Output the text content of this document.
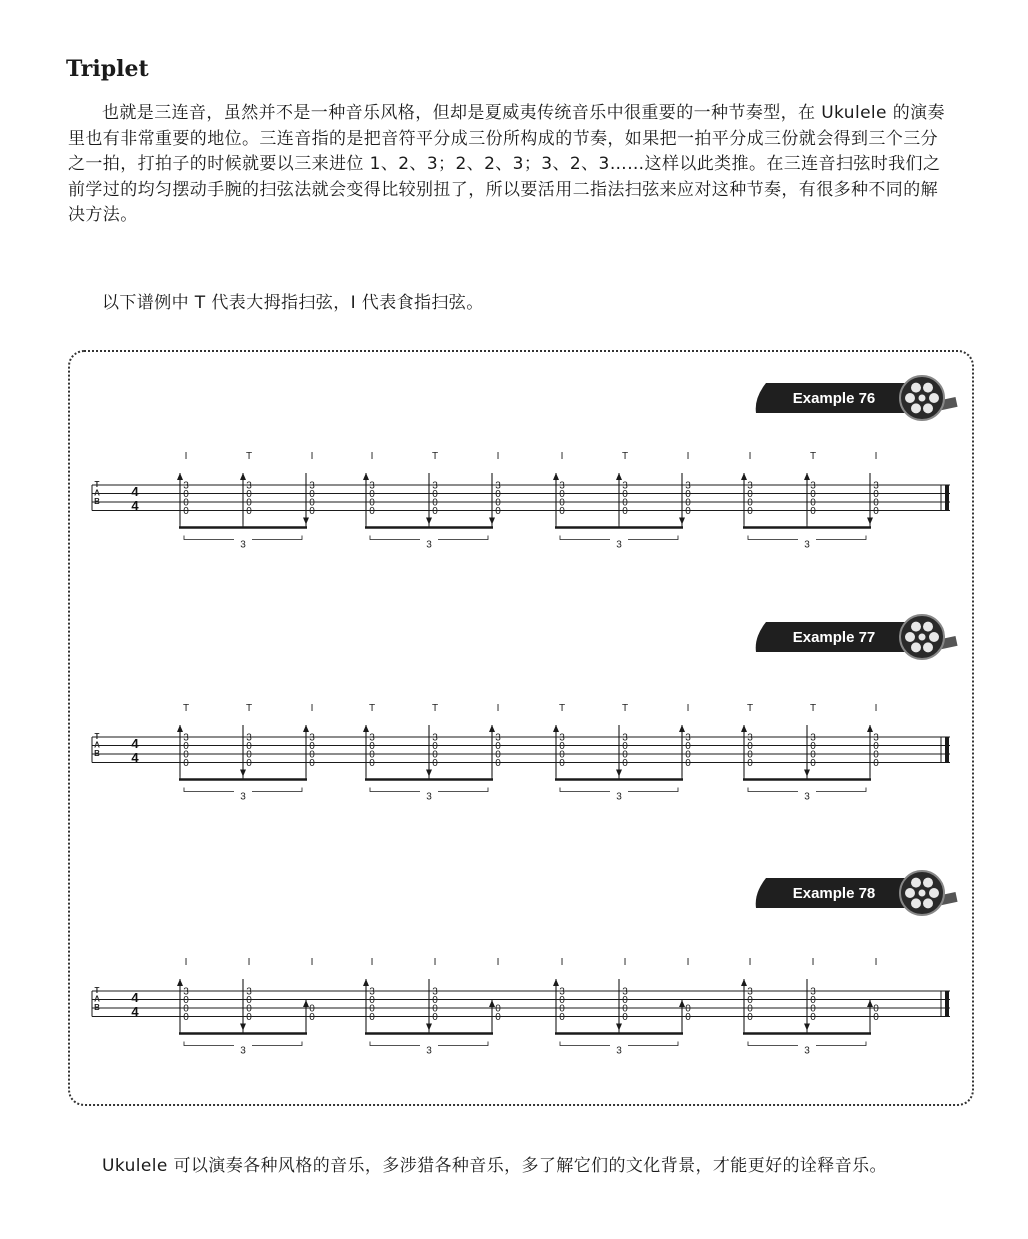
Triplet

也就是三连音，虽然并不是一种音乐风格，但却是夏威夷传统音乐中很重要的一种节奏型，在 Ukulele 的演奏里也有非常重要的地位。三连音指的是把音符平分成三份所构成的节奏，如果把一拍平分成三份就会得到三个三分之一拍，打拍子的时候就要以三来进位 1、2、3；2、2、3；3、2、3……这样以此类推。在三连音扫弦时我们之前学过的均匀摆动手腕的扫弦法就会变得比较别扭了，所以要活用二指法扫弦来应对这种节奏，有很多种不同的解决方法。

以下谱例中 T 代表大拇指扫弦，I 代表食指扫弦。

Example 76
T
A
B
4
4
I
3
0
0
0
T
3
0
0
0
I
3
0
0
0
3
I
3
0
0
0
T
3
0
0
0
I
3
0
0
0
3
I
3
0
0
0
T
3
0
0
0
I
3
0
0
0
3
I
3
0
0
0
T
3
0
0
0
I
3
0
0
0
3
Example 77
T
A
B
4
4
T
3
0
0
0
T
3
0
0
0
I
3
0
0
0
3
T
3
0
0
0
T
3
0
0
0
I
3
0
0
0
3
T
3
0
0
0
T
3
0
0
0
I
3
0
0
0
3
T
3
0
0
0
T
3
0
0
0
I
3
0
0
0
3
Example 78
T
A
B
4
4
I
3
0
0
0
I
3
0
0
0
I
0
0
3
I
3
0
0
0
I
3
0
0
0
I
0
0
3
I
3
0
0
0
I
3
0
0
0
I
0
0
3
I
3
0
0
0
I
3
0
0
0
I
0
0
3

Ukulele 可以演奏各种风格的音乐，多涉猎各种音乐，多了解它们的文化背景，才能更好的诠释音乐。
